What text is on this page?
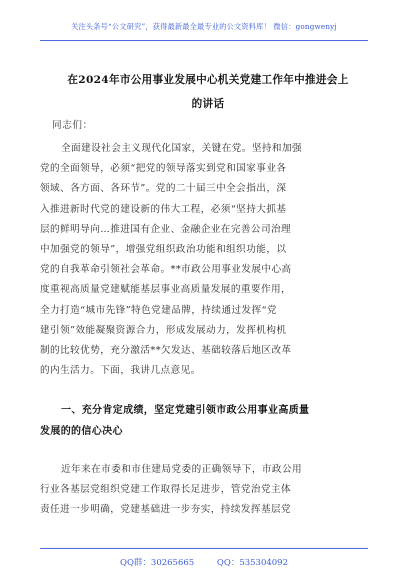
关注头条号“公文研究”，获得最新最全最专业的公文资料库！ 微信：gongwenyj
在2024年市公用事业发展中心机关党建工作年中推进会上
的讲话
同志们：
全面建设社会主义现代化国家，关键在党。坚持和加强
党的全面领导，必须“把党的领导落实到党和国家事业各
领域、各方面、各环节”。党的二十届三中全会指出，深
入推进新时代党的建设新的伟大工程，必须“坚持大抓基
层的鲜明导向…推进国有企业、金融企业在完善公司治理
中加强党的领导”，增强党组织政治功能和组织功能，以
党的自我革命引领社会革命。**市政公用事业发展中心高
度重视高质量党建赋能基层事业高质量发展的重要作用，
全力打造“城市先锋”特色党建品牌，持续通过发挥“党
建引领”效能凝聚资源合力，形成发展动力，发挥机构机
制的比较优势，充分激活**欠发达、基础较落后地区改革
的内生活力。下面，我讲几点意见。
一、充分肯定成绩，坚定党建引领市政公用事业高质量
发展的的信心决心
近年来在市委和市住建局党委的正确领导下，市政公用
行业各基层党组织党建工作取得长足进步，管党治党主体
责任进一步明确，党建基础进一步夯实，持续发挥基层党
QQ群：30265665	QQ：535304092
